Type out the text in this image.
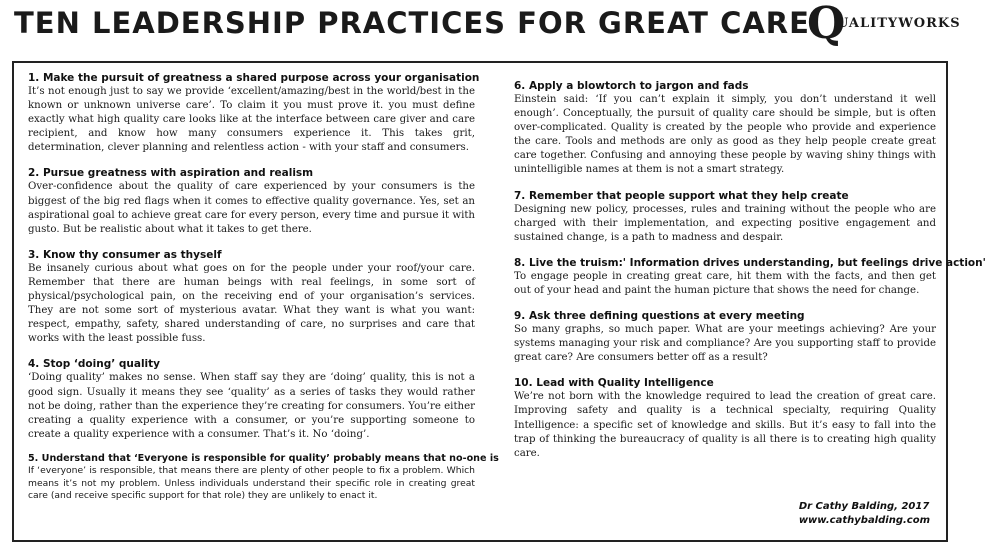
TEN LEADERSHIP PRACTICES FOR GREAT CARE
Q
UALITYWORKS
1. Make the pursuit of greatness a shared purpose across your organisation

It’s not enough just to say we provide ‘excellent/amazing/best in the world/best in the known or unknown universe care’. To claim it you must prove it. you must define exactly what high quality care looks like at the interface between care giver and care recipient, and know how many consumers experience it. This takes grit, determination, clever planning and relentless action - with your staff and consumers.

2. Pursue greatness with aspiration and realism

Over-confidence about the quality of care experienced by your consumers is the biggest of the big red flags when it comes to effective quality governance. Yes, set an aspirational goal to achieve great care for every person, every time and pursue it with gusto. But be realistic about what it takes to get there.

3. Know thy consumer as thyself

Be insanely curious about what goes on for the people under your roof/your care. Remember that there are human beings with real feelings, in some sort of physical/psychological pain, on the receiving end of your organisation’s services. They are not some sort of mysterious avatar. What they want is what you want: respect, empathy, safety, shared understanding of care, no surprises and care that works with the least possible fuss.

4. Stop ‘doing’ quality

‘Doing quality’ makes no sense. When staff say they are ‘doing’ quality, this is not a good sign. Usually it means they see ‘quality’ as a series of tasks they would rather not be doing, rather than the experience they’re creating for consumers. You’re either creating a quality experience with a consumer, or you’re supporting someone to create a quality experience with a consumer. That’s it. No ‘doing’.

5. Understand that ‘Everyone is responsible for quality’ probably means that no-one is

If ‘everyone’ is responsible, that means there are plenty of other people to fix a problem. Which means it’s not my problem. Unless individuals understand their specific role in creating great care (and receive specific support for that role) they are unlikely to enact it.

6. Apply a blowtorch to jargon and fads

Einstein said: ‘If you can’t explain it simply, you don’t understand it well enough’. Conceptually, the pursuit of quality care should be simple, but is often over-complicated. Quality is created by the people who provide and experience the care. Tools and methods are only as good as they help people create great care together. Confusing and annoying these people by waving shiny things with unintelligible names at them is not a smart strategy.

7. Remember that people support what they help create

Designing new policy, processes, rules and training without the people who are charged with their implementation, and expecting positive engagement and sustained change, is a path to madness and despair.

8. Live the truism:' Information drives understanding, but feelings drive action'

To engage people in creating great care, hit them with the facts, and then get out of your head and paint the human picture that shows the need for change.

9. Ask three defining questions at every meeting

So many graphs, so much paper. What are your meetings achieving? Are your systems managing your risk and compliance? Are you supporting staff to provide great care? Are consumers better off as a result?

10. Lead with Quality Intelligence

We’re not born with the knowledge required to lead the creation of great care. Improving safety and quality is a technical specialty, requiring Quality Intelligence: a specific set of knowledge and skills. But it’s easy to fall into the trap of thinking the bureaucracy of quality is all there is to creating high quality care.

Dr Cathy Balding, 2017
www.cathybalding.com
